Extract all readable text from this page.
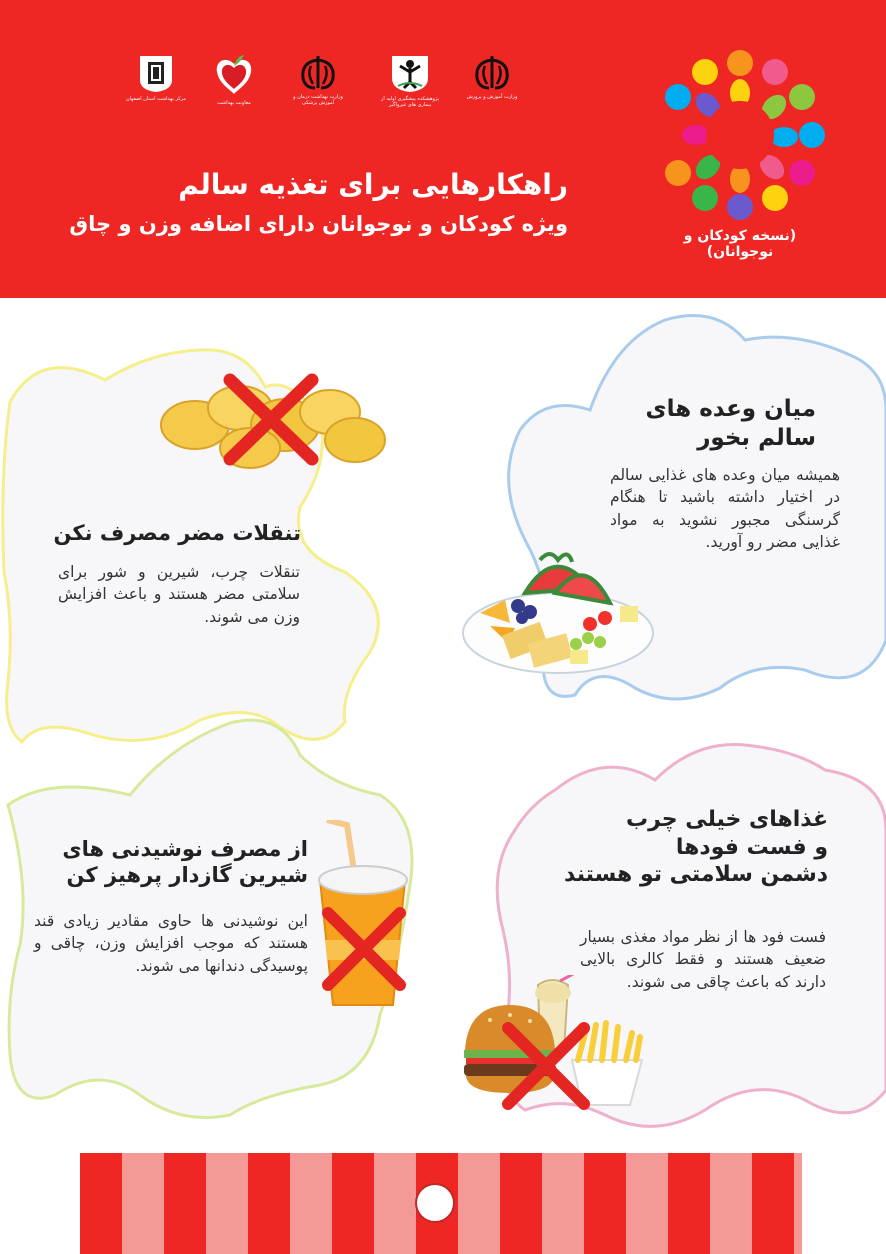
مرکز بهداشت استان اصفهان
معاونت بهداشت
وزارت بهداشت درمان و آموزش پزشکی
پژوهشکده پیشگیری اولیه از بیماری های غیرواگیر
وزارت آموزش و پرورش
راهکارهایی برای تغذیه سالم
ویژه کودکان و نوجوانان دارای اضافه وزن و چاق	(نسخه کودکان و نوجوانان)
تنقلات مضر مصرف نکن
تنقلات چرب، شیرین و شور برای سلامتی مضر هستند و باعث افزایش وزن می شوند.
میان وعده های
سالم بخور
همیشه میان وعده های غذایی سالم در اختیار داشته باشید تا هنگام گرسنگی مجبور نشوید به مواد غذایی مضر رو آورید.
از مصرف نوشیدنی های
شیرین گازدار پرهیز کن
این نوشیدنی ها حاوی مقادیر زیادی قند هستند که موجب افزایش وزن، چاقی و پوسیدگی دندانها می شوند.
غذاهای خیلی چرب
و فست فودها
دشمن سلامتی تو هستند
فست فود ها از نظر مواد مغذی بسیار ضعیف هستند و فقط کالری بالایی دارند که باعث چاقی می شوند.
